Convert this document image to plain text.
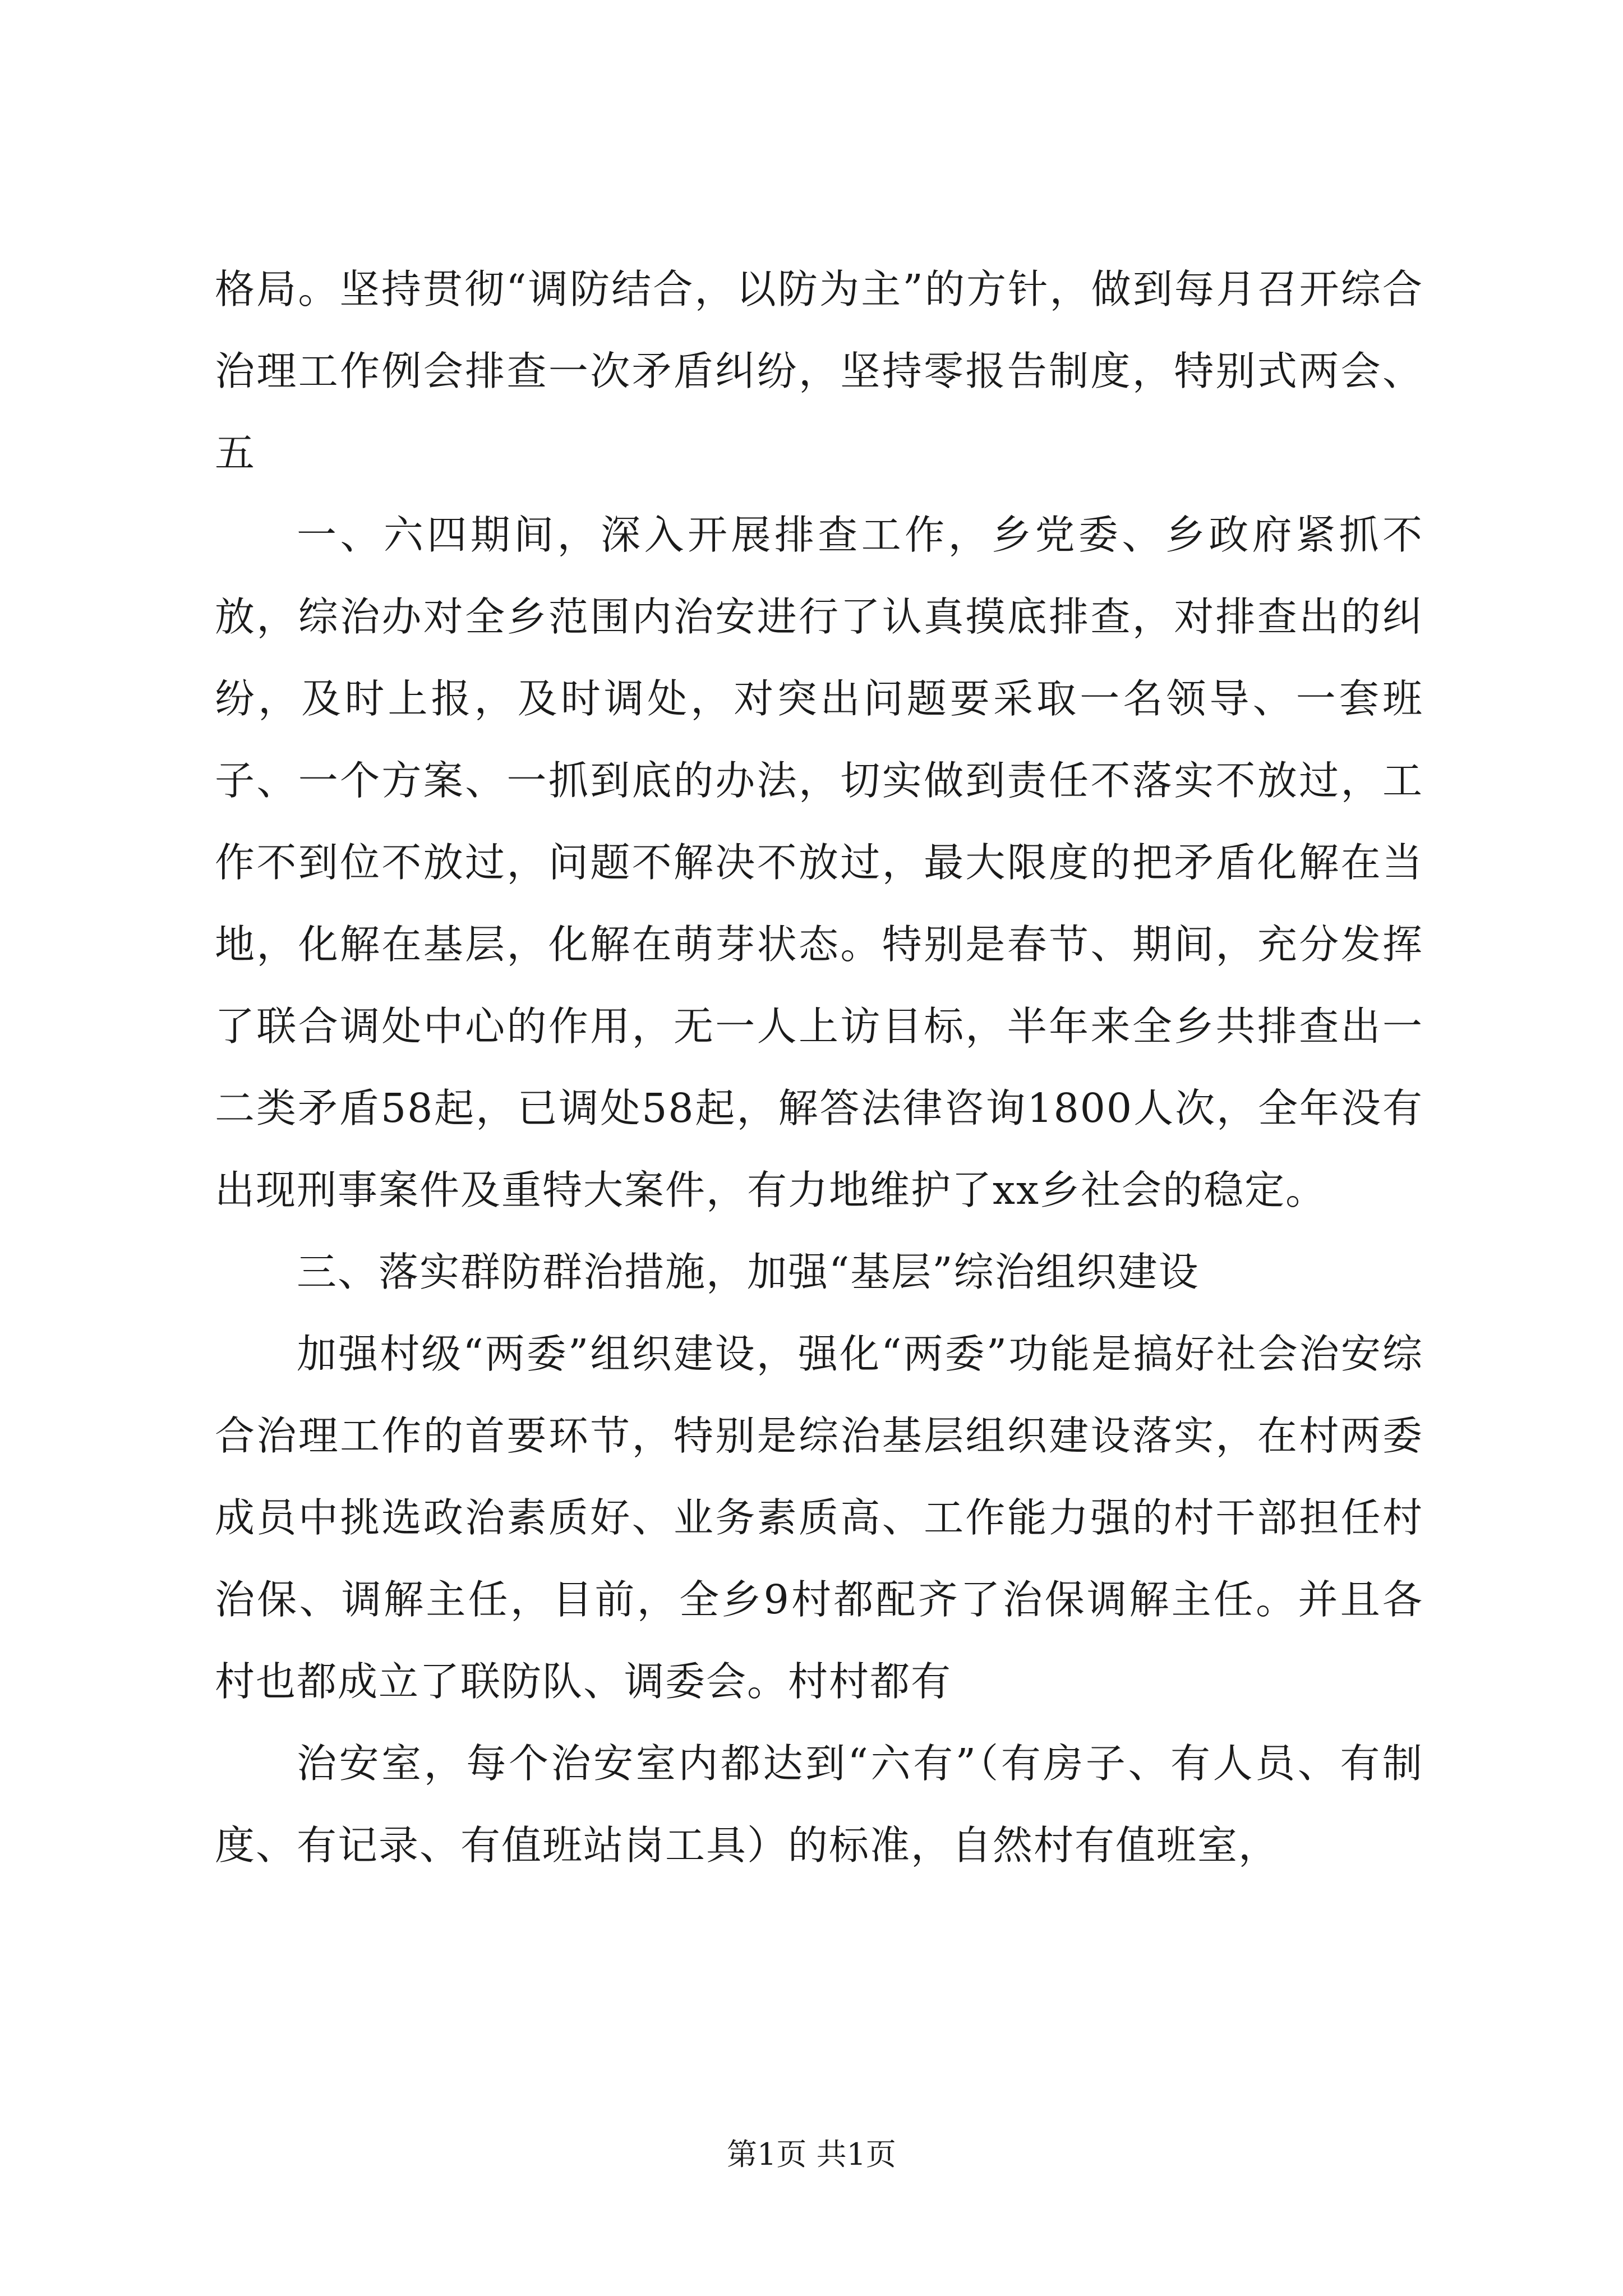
格局。坚持贯彻“调防结合，以防为主”的方针，做到每月召开综合治理工作例会排查一次矛盾纠纷，坚持零报告制度，特别式两会、五

一、六四期间，深入开展排查工作，乡党委、乡政府紧抓不放，综治办对全乡范围内治安进行了认真摸底排查，对排查出的纠纷，及时上报，及时调处，对突出问题要采取一名领导、一套班子、一个方案、一抓到底的办法，切实做到责任不落实不放过，工作不到位不放过，问题不解决不放过，最大限度的把矛盾化解在当地，化解在基层，化解在萌芽状态。特别是春节、期间，充分发挥了联合调处中心的作用，无一人上访目标，半年来全乡共排查出一二类矛盾58起，已调处58起，解答法律咨询1800人次，全年没有出现刑事案件及重特大案件，有力地维护了xx乡社会的稳定。

三、落实群防群治措施，加强“基层”综治组织建设

加强村级“两委”组织建设，强化“两委”功能是搞好社会治安综合治理工作的首要环节，特别是综治基层组织建设落实，在村两委成员中挑选政治素质好、业务素质高、工作能力强的村干部担任村治保、调解主任，目前，全乡9村都配齐了治保调解主任。并且各村也都成立了联防队、调委会。村村都有

治安室，每个治安室内都达到“六有”（有房子、有人员、有制度、有记录、有值班站岗工具）的标准，自然村有值班室，

第1页 共1页
